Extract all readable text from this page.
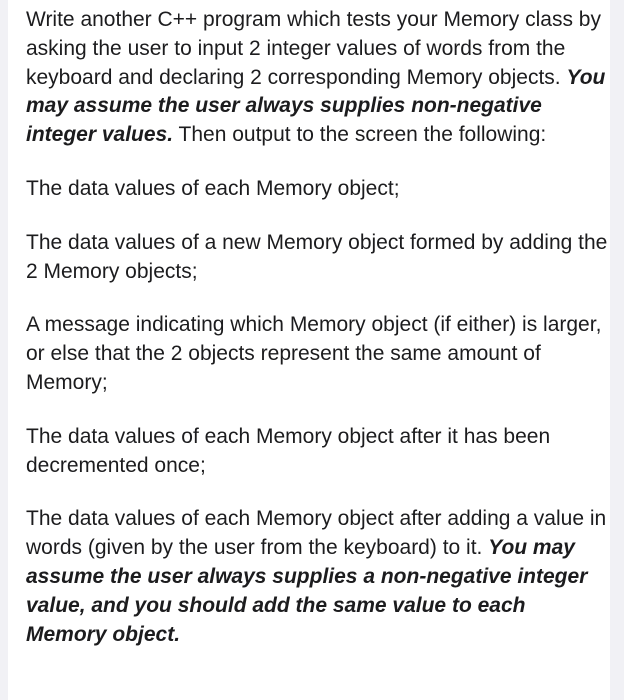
Write another C++ program which tests your Memory class by asking the user to input 2 integer values of words from the keyboard and declaring 2 corresponding Memory objects. You may assume the user always supplies non-negative integer values. Then output to the screen the following:

The data values of each Memory object;

The data values of a new Memory object formed by adding the 2 Memory objects;

A message indicating which Memory object (if either) is larger, or else that the 2 objects represent the same amount of Memory;

The data values of each Memory object after it has been decremented once;

The data values of each Memory object after adding a value in words (given by the user from the keyboard) to it. You may assume the user always supplies a non-negative integer value, and you should add the same value to each Memory object.
